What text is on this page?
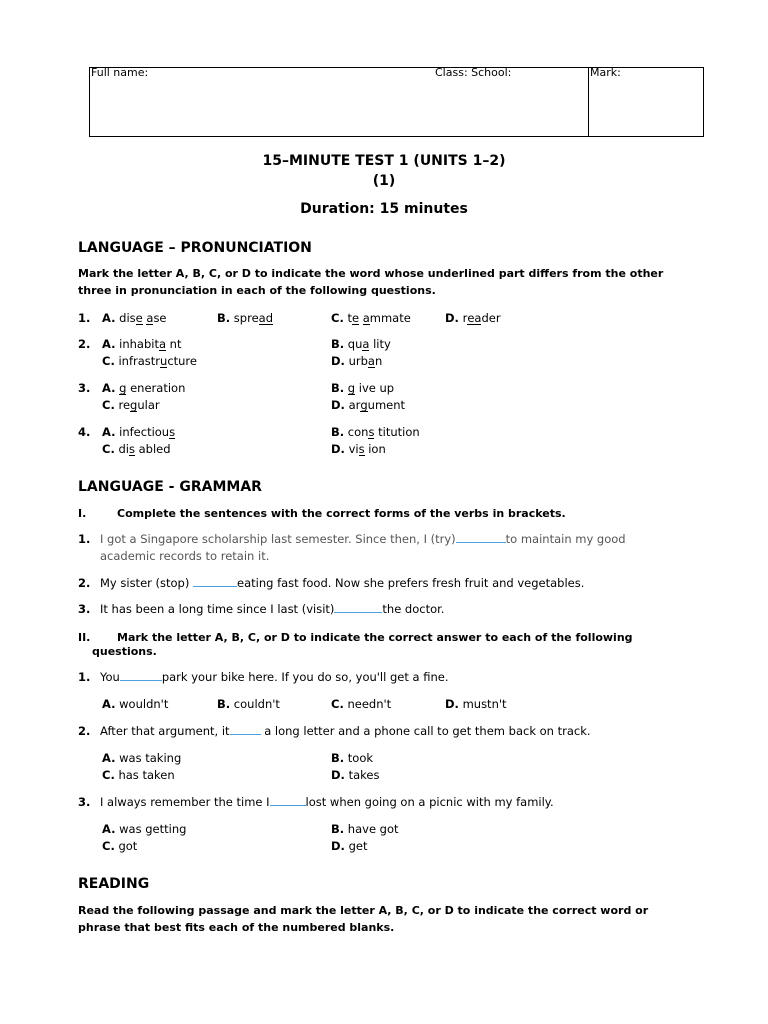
Full name:	Class: School:	Mark:
15–MINUTE TEST 1 (UNITS 1–2)
(1)
Duration: 15 minutes
LANGUAGE – PRONUNCIATION
Mark the letter A, B, C, or D to indicate the word whose underlined part differs from the other
three in pronunciation in each of the following questions.
1. A. dise ase	B. spread	C. te ammate	D. reader
2. A. inhabita nt	B. qua lity
C. infrastructure	D. urban
3. A. g eneration	B. g ive up
C. regular	D. argument
4. A. infectious	B. cons titution
C. dis abled	D. vis ion
LANGUAGE - GRAMMAR
I.	Complete the sentences with the correct forms of the verbs in brackets.
1. I got a Singapore scholarship last semester. Since then, I (try)	to maintain my good
academic records to retain it.
2. My sister (stop)	eating fast food. Now she prefers fresh fruit and vegetables.
3. It has been a long time since I last (visit)	the doctor.
II. Mark the letter A, B, C, or D to indicate the correct answer to each of the following
questions.
1. You	park your bike here. If you do so, you'll get a fine.
A. wouldn't	B. couldn't	C. needn't	D. mustn't
2. After that argument, it	a long letter and a phone call to get them back on track.
A. was taking	B. took
C. has taken	D. takes
3. I always remember the time I	lost when going on a picnic with my family.
A. was getting	B. have got
C. got	D. get
READING
Read the following passage and mark the letter A, B, C, or D to indicate the correct word or
phrase that best fits each of the numbered blanks.
